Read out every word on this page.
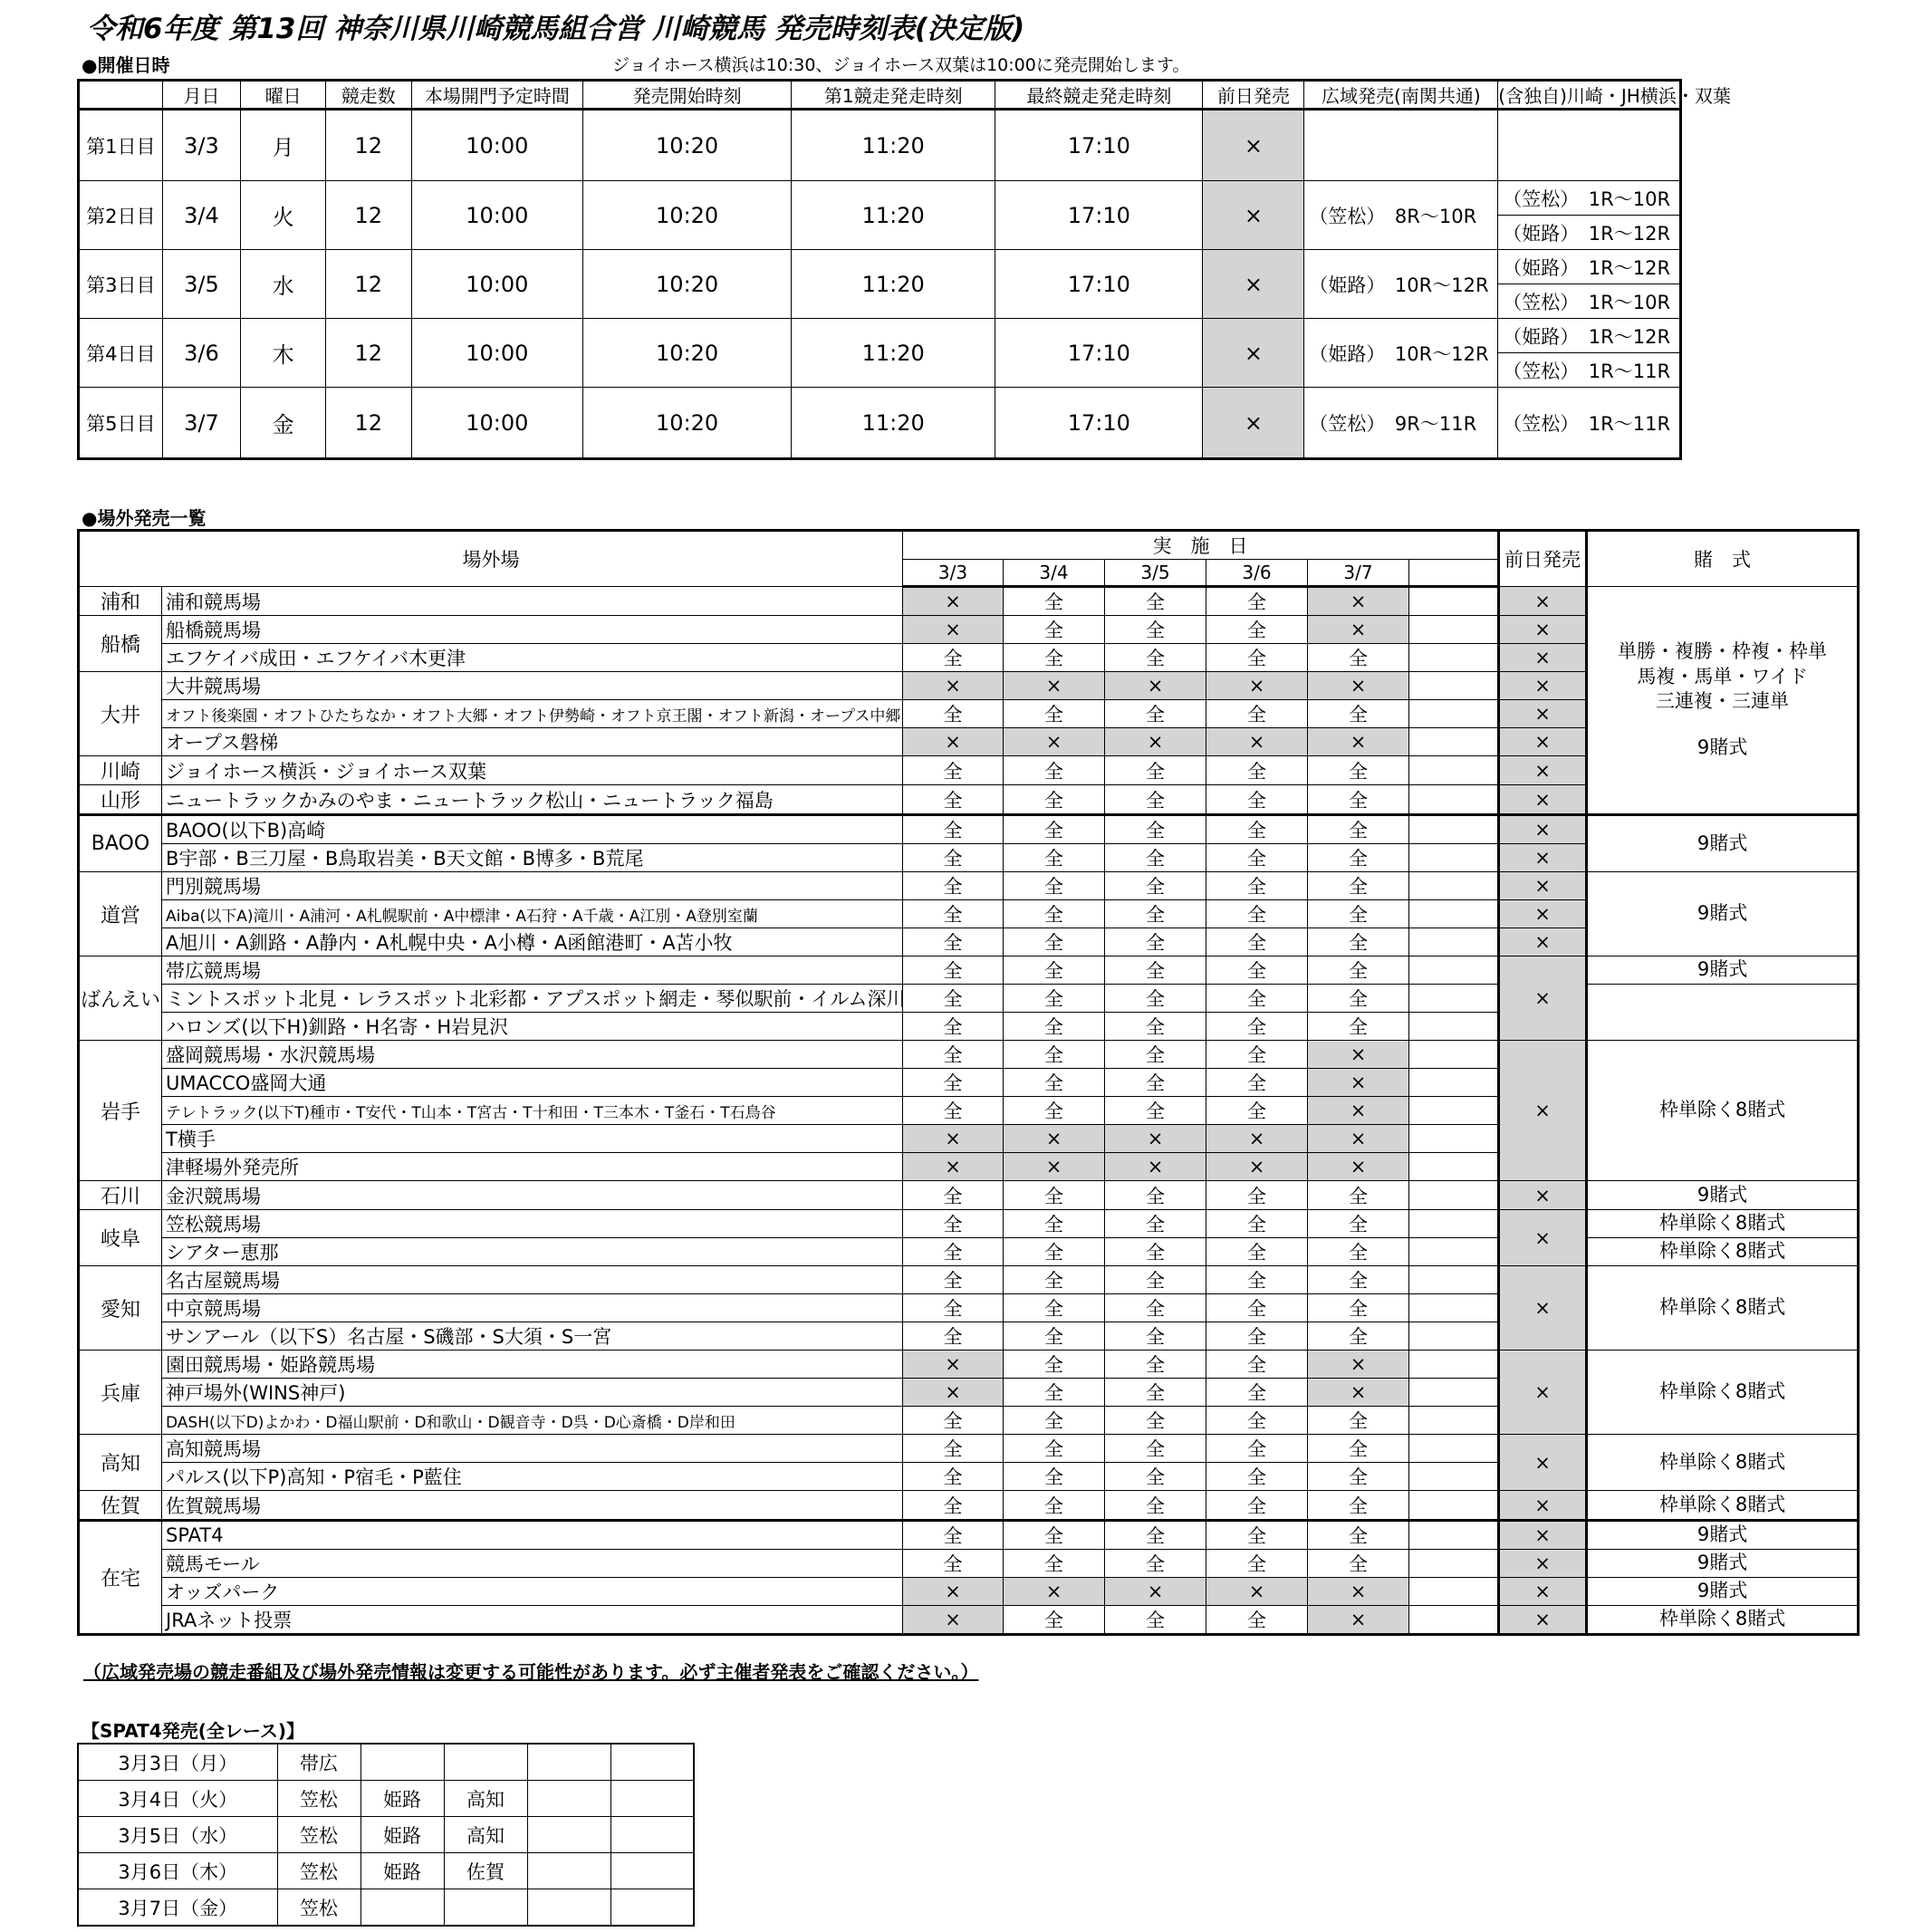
令和6年度 第13回 神奈川県川崎競馬組合営 川崎競馬 発売時刻表(決定版)
●開催日時	ジョイホース横浜は10:30、ジョイホース双葉は10:00に発売開始します。
	月日	曜日	競走数	本場開門予定時間	発売開始時刻	第1競走発走時刻	最終競走発走時刻	前日発売	広域発売(南関共通)	(含独自)川崎・JH横浜・双葉
第1日目	3/3	月	12	10:00	10:20	11:20	17:10	×		
第2日目	3/4	火	12	10:00	10:20	11:20	17:10	×	（笠松）　8R～10R	（笠松）　1R～10R
										（姫路）　1R～12R
第3日目	3/5	水	12	10:00	10:20	11:20	17:10	×	（姫路）　10R～12R	（姫路）　1R～12R
										（笠松）　1R～10R
第4日目	3/6	木	12	10:00	10:20	11:20	17:10	×	（姫路）　10R～12R	（姫路）　1R～12R
										（笠松）　1R～11R
第5日目	3/7	金	12	10:00	10:20	11:20	17:10	×	（笠松）　9R～11R	（笠松）　1R～11R
●場外発売一覧
場外場		実　施　日						前日発売	賭　式
		3/3	3/4	3/5	3/6	3/7			
浦和	浦和競馬場	×	全	全	全	×		×	単勝・複勝・枠複・枠単
馬複・馬単・ワイド
三連複・三連単
9賭式

船橋	船橋競馬場	×	全	全	全	×		×	
	エフケイバ成田・エフケイバ木更津	全	全	全	全	全		×	
大井	大井競馬場	×	×	×	×	×		×	
	オフト後楽園・オフトひたちなか・オフト大郷・オフト伊勢崎・オフト京王閣・オフト新潟・オープス中郷	全	全	全	全	全		×	
	オープス磐梯	×	×	×	×	×		×	
川崎	ジョイホース横浜・ジョイホース双葉	全	全	全	全	全		×	
山形	ニュートラックかみのやま・ニュートラック松山・ニュートラック福島	全	全	全	全	全		×	
BAOO	BAOO(以下B)高崎	全	全	全	全	全		×	9賭式
	B宇部・B三刀屋・B鳥取岩美・B天文館・B博多・B荒尾	全	全	全	全	全		×	
道営	門別競馬場	全	全	全	全	全		×	9賭式
	Aiba(以下A)滝川・A浦河・A札幌駅前・A中標津・A石狩・A千歳・A江別・A登別室蘭	全	全	全	全	全		×	
	A旭川・A釧路・A静内・A札幌中央・A小樽・A函館港町・A苫小牧	全	全	全	全	全		×	
ばんえい	帯広競馬場	全	全	全	全	全		×	9賭式
	ミントスポット北見・レラスポット北彩都・アプスポット網走・琴似駅前・イルム深川	全	全	全	全	全			
	ハロンズ(以下H)釧路・H名寄・H岩見沢	全	全	全	全	全			
岩手	盛岡競馬場・水沢競馬場	全	全	全	全	×		×	枠単除く8賭式
	UMACCO盛岡大通	全	全	全	全	×			
	テレトラック(以下T)種市・T安代・T山本・T宮古・T十和田・T三本木・T釜石・T石鳥谷	全	全	全	全	×			
	T横手	×	×	×	×	×			
	津軽場外発売所	×	×	×	×	×			
石川	金沢競馬場	全	全	全	全	全		×	9賭式
岐阜	笠松競馬場	全	全	全	全	全		×	枠単除く8賭式
	シアター恵那	全	全	全	全	全			枠単除く8賭式
愛知	名古屋競馬場	全	全	全	全	全		×	枠単除く8賭式
	中京競馬場	全	全	全	全	全			
	サンアール（以下S）名古屋・S磯部・S大須・S一宮	全	全	全	全	全			
兵庫	園田競馬場・姫路競馬場	×	全	全	全	×		×	枠単除く8賭式
	神戸場外(WINS神戸)	×	全	全	全	×			
	DASH(以下D)よかわ・D福山駅前・D和歌山・D観音寺・D呉・D心斎橋・D岸和田	全	全	全	全	全			
高知	高知競馬場	全	全	全	全	全		×	枠単除く8賭式
	パルス(以下P)高知・P宿毛・P藍住	全	全	全	全	全			
佐賀	佐賀競馬場	全	全	全	全	全		×	枠単除く8賭式
在宅	SPAT4	全	全	全	全	全		×	9賭式
	競馬モール	全	全	全	全	全		×	9賭式
	オッズパーク	×	×	×	×	×		×	9賭式
	JRAネット投票	×	全	全	全	×		×	枠単除く8賭式
（広域発売場の競走番組及び場外発売情報は変更する可能性があります。必ず主催者発表をご確認ください。）
【SPAT4発売(全レース)】
3月3日（月）	帯広				
3月4日（火）	笠松	姫路	高知		
3月5日（水）	笠松	姫路	高知		
3月6日（木）	笠松	姫路	佐賀		
3月7日（金）	笠松				
